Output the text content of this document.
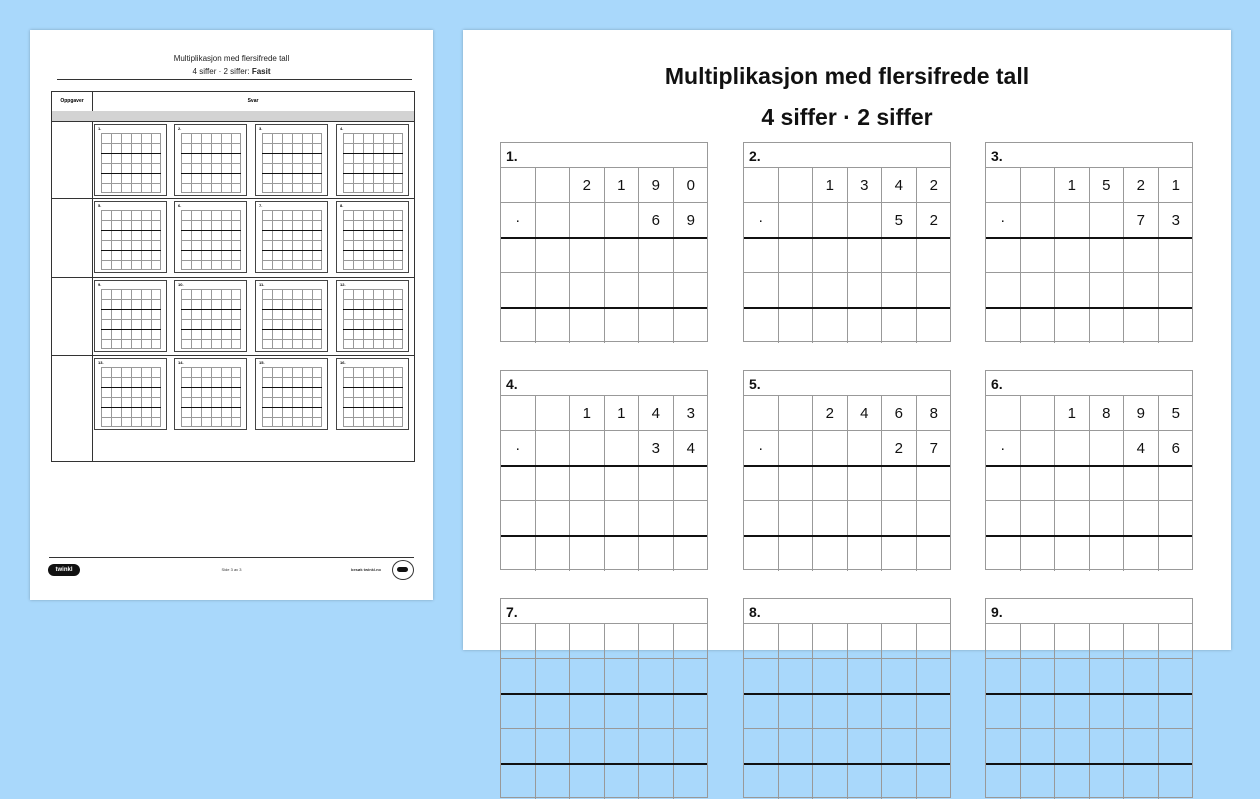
Multiplikasjon med flersifrede tall
4 siffer · 2 siffer: Fasit
Oppgaver	Svar
1.	2.	3.	4.
5.	6.	7.	8.
9.	10.	11.	12.
13.	14.	15.	16.
twinkl	Side 3 av 3	besøk twinkl.no
Multiplikasjon med flersifrede tall
4 siffer · 2 siffer
1.
2	1	9	0
·	6	9
2.
1	3	4	2
·	5	2
3.
1	5	2	1
·	7	3
4.
1	1	4	3
·	3	4
5.
2	4	6	8
·	2	7
6.
1	8	9	5
·	4	6
7.	8.	9.
